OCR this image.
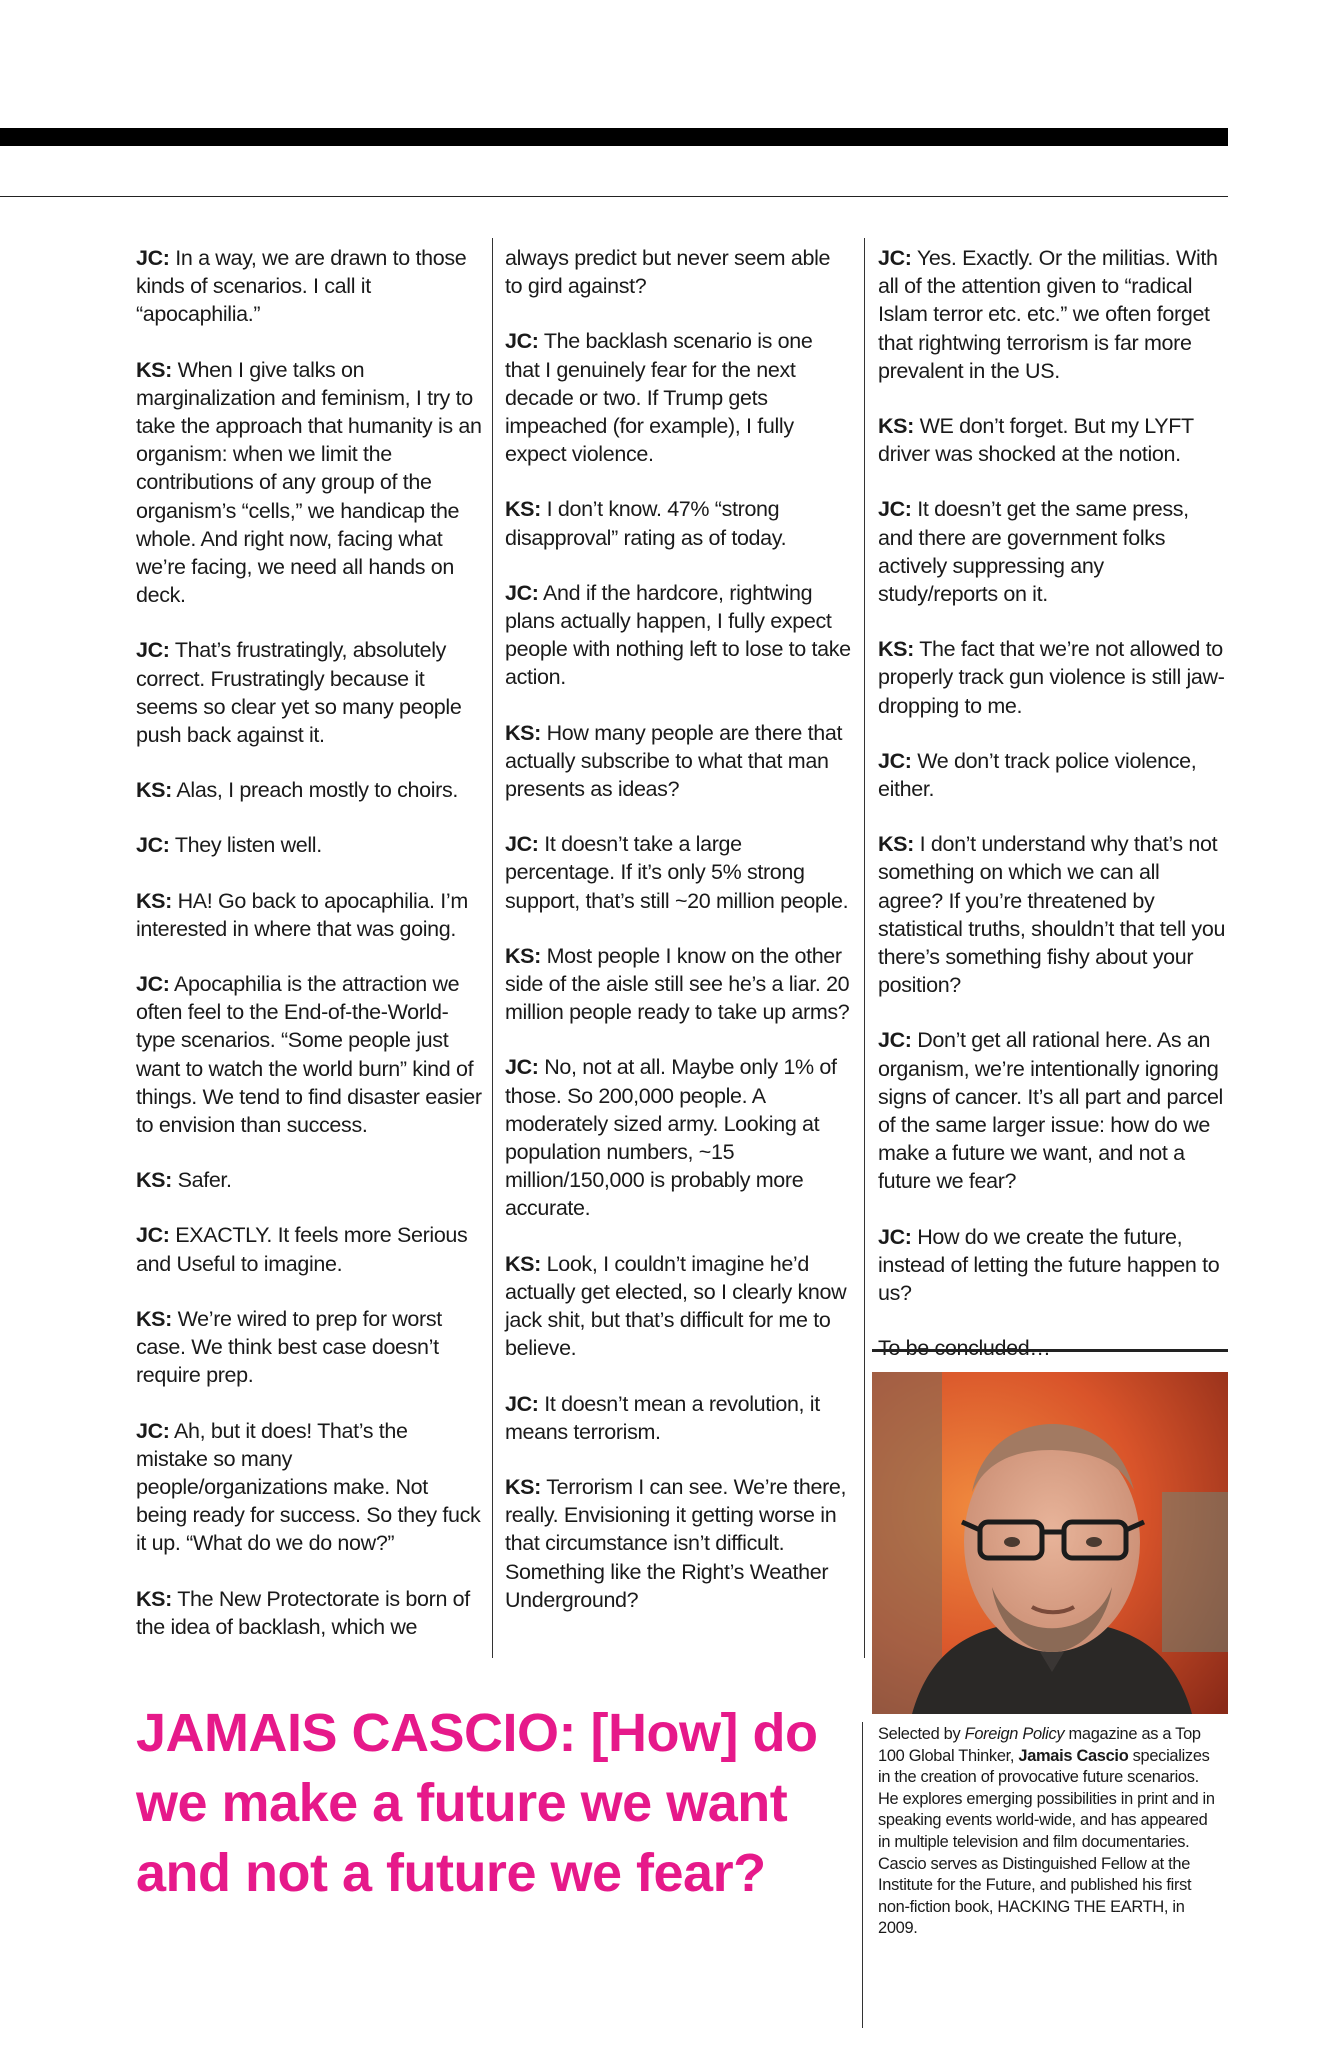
JC: In a way, we are drawn to those kinds of scenarios. I call it “apocaphilia.”

KS: When I give talks on marginalization and feminism, I try to take the approach that humanity is an organism: when we limit the contributions of any group of the organism’s “cells,” we handicap the whole. And right now, facing what we’re facing, we need all hands on deck.

JC: That’s frustratingly, absolutely correct. Frustratingly because it seems so clear yet so many people push back against it.

KS: Alas, I preach mostly to choirs.

JC: They listen well.

KS: HA! Go back to apocaphilia. I’m interested in where that was going.

JC: Apocaphilia is the attraction we often feel to the End-of-the-World-type scenarios. “Some people just want to watch the world burn” kind of things. We tend to find disaster easier to envision than success.

KS: Safer.

JC: EXACTLY. It feels more Serious and Useful to imagine.

KS: We’re wired to prep for worst case. We think best case doesn’t require prep.

JC: Ah, but it does! That’s the mistake so many people/organizations make. Not being ready for success. So they fuck it up. “What do we do now?”

KS: The New Protectorate is born of the idea of backlash, which we

always predict but never seem able to gird against?

JC: The backlash scenario is one that I genuinely fear for the next decade or two. If Trump gets impeached (for example), I fully expect violence.

KS: I don’t know. 47% “strong disapproval” rating as of today.

JC: And if the hardcore, rightwing plans actually happen, I fully expect people with nothing left to lose to take action.

KS: How many people are there that actually subscribe to what that man presents as ideas?

JC: It doesn’t take a large percentage. If it’s only 5% strong support, that’s still ~20 million people.

KS: Most people I know on the other side of the aisle still see he’s a liar. 20 million people ready to take up arms?

JC: No, not at all. Maybe only 1% of those. So 200,000 people. A moderately sized army. Looking at population numbers, ~15 million/150,000 is probably more accurate.

KS: Look, I couldn’t imagine he’d actually get elected, so I clearly know jack shit, but that’s difficult for me to believe.

JC: It doesn’t mean a revolution, it means terrorism.

KS: Terrorism I can see. We’re there, really. Envisioning it getting worse in that circumstance isn’t difficult. Something like the Right’s Weather Underground?

JC: Yes. Exactly. Or the militias. With all of the attention given to “radical Islam terror etc. etc.” we often forget that rightwing terrorism is far more prevalent in the US.

KS: WE don’t forget. But my LYFT driver was shocked at the notion.

JC: It doesn’t get the same press, and there are government folks actively suppressing any study/reports on it.

KS: The fact that we’re not allowed to properly track gun violence is still jaw-dropping to me.

JC: We don’t track police violence, either.

KS: I don’t understand why that’s not something on which we can all agree? If you’re threatened by statistical truths, shouldn’t that tell you there’s something fishy about your position?

JC: Don’t get all rational here. As an organism, we’re intentionally ignoring signs of cancer. It’s all part and parcel of the same larger issue: how do we make a future we want, and not a future we fear?

JC: How do we create the future, instead of letting the future happen to us?

Selected by Foreign Policy magazine as a Top 100 Global Thinker, Jamais Cascio specializes in the creation of provocative future scenarios. He explores emerging possibilities in print and in speaking events world-wide, and has appeared in multiple television and film documentaries. Cascio serves as Distinguished Fellow at the Institute for the Future, and published his first non-fiction book, HACKING THE EARTH, in 2009.
JAMAIS CASCIO: [How] do we make a future we want and not a future we fear?
